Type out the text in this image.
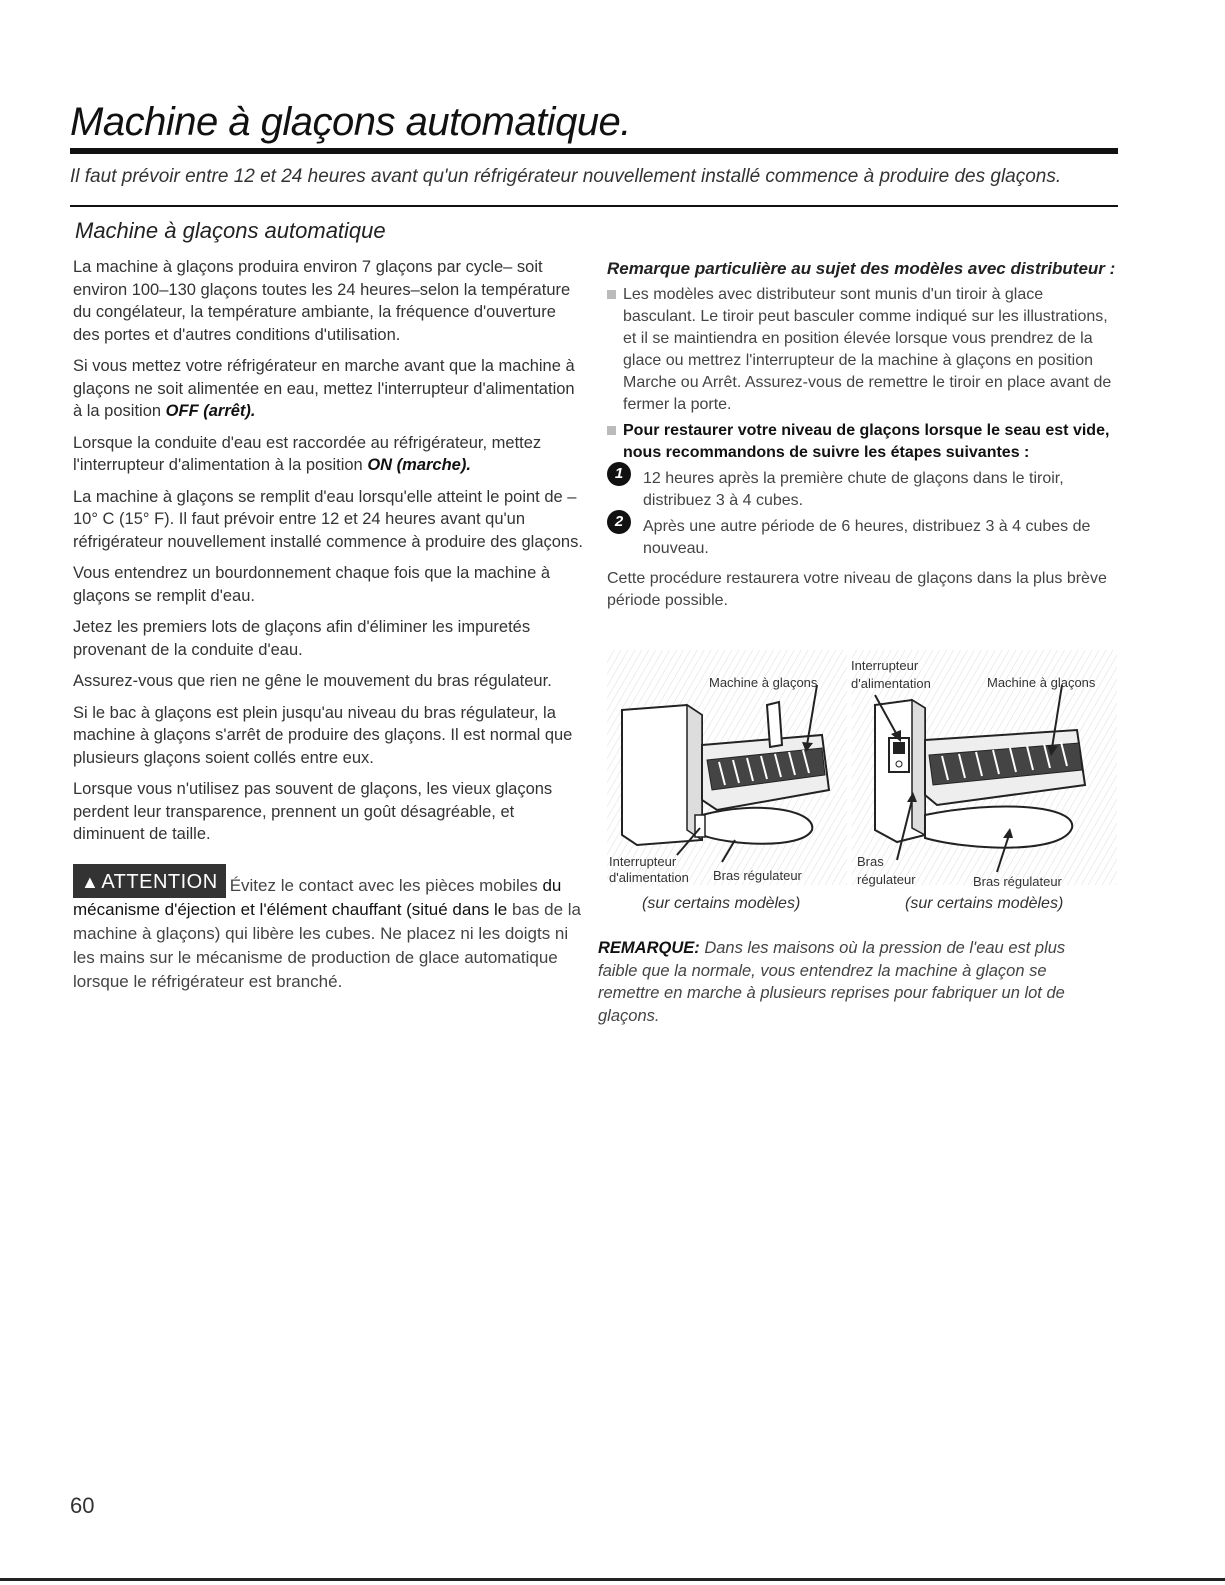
Machine à glaçons automatique.
Il faut prévoir entre 12 et 24 heures avant qu'un réfrigérateur nouvellement installé commence à produire des glaçons.
Machine à glaçons automatique

La machine à glaçons produira environ 7 glaçons par cycle– soit environ 100–130 glaçons toutes les 24 heures–selon la température du congélateur, la température ambiante, la fréquence d'ouverture des portes et d'autres conditions d'utilisation.

Si vous mettez votre réfrigérateur en marche avant que la machine à glaçons ne soit alimentée en eau, mettez l'interrupteur d'alimentation à la position OFF (arrêt).

Lorsque la conduite d'eau est raccordée au réfrigérateur, mettez l'interrupteur d'alimentation à la position ON (marche).

La machine à glaçons se remplit d'eau lorsqu'elle atteint le point de –10° C (15° F). Il faut prévoir entre 12 et 24 heures avant qu'un réfrigérateur nouvellement installé commence à produire des glaçons.

Vous entendrez un bourdonnement chaque fois que la machine à glaçons se remplit d'eau.

Jetez les premiers lots de glaçons afin d'éliminer les impuretés provenant de la conduite d'eau.

Assurez-vous que rien ne gêne le mouvement du bras régulateur.

Si le bac à glaçons est plein jusqu'au niveau du bras régulateur, la machine à glaçons s'arrêt de produire des glaçons. Il est normal que plusieurs glaçons soient collés entre eux.

Lorsque vous n'utilisez pas souvent de glaçons, les vieux glaçons perdent leur transparence, prennent un goût désagréable, et diminuent de taille.

▲ ATTENTION Évitez le contact avec les pièces mobiles du mécanisme d'éjection et l'élément chauffant (situé dans le bas de la machine à glaçons) qui libère les cubes. Ne placez ni les doigts ni les mains sur le mécanisme de production de glace automatique lorsque le réfrigérateur est branché.

Remarque particulière au sujet des modèles avec distributeur :

Les modèles avec distributeur sont munis d'un tiroir à glace basculant. Le tiroir peut basculer comme indiqué sur les illustrations, et il se maintiendra en position élevée lorsque vous prendrez de la glace ou mettrez l'interrupteur de la machine à glaçons en position Marche ou Arrêt. Assurez-vous de remettre le tiroir en place avant de fermer la porte.
Pour restaurer votre niveau de glaçons lorsque le seau est vide, nous recommandons de suivre les étapes suivantes :
1	12 heures après la première chute de glaçons dans le tiroir, distribuez 3 à 4 cubes.
2	Après une autre période de 6 heures, distribuez 3 à 4 cubes de nouveau.

Cette procédure restaurera votre niveau de glaçons dans la plus brève période possible.

Machine à glaçons
Interrupteur
d'alimentation Bras régulateur
(sur certains modèles)
Interrupteur
d'alimentation	Machine à glaçons
Bras
régulateur	Bras régulateur
(sur certains modèles)
REMARQUE: Dans les maisons où la pression de l'eau est plus faible que la normale, vous entendrez la machine à glaçon se remettre en marche à plusieurs reprises pour fabriquer un lot de glaçons.
60
